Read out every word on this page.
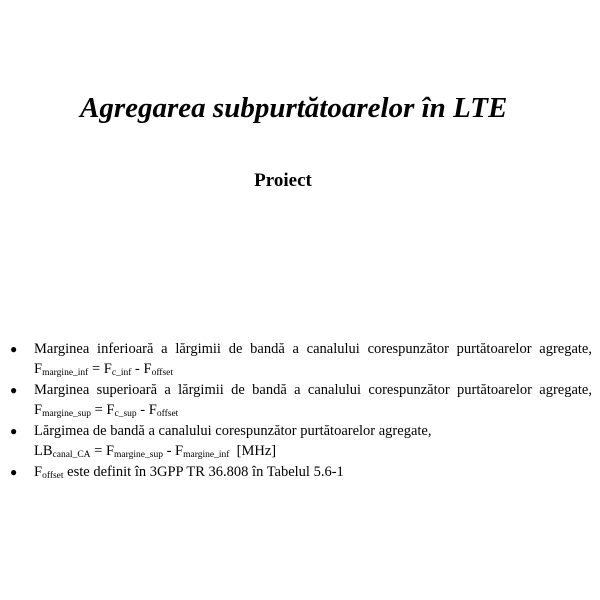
Agregarea subpurtătoarelor în LTE
Proiect
● Marginea inferioară a lărgimii de bandă a canalului corespunzător purtătoarelor agregate,
$F_{margine\_inf} = F_{c\_inf} - F_{offset}$
● Marginea superioară a lărgimii de bandă a canalului corespunzător purtătoarelor agregate,
$F_{margine\_sup} = F_{c\_sup} - F_{offset}$
● Lărgimea de bandă a canalului corespunzător purtătoarelor agregate,
$LB_{canal\_CA} = F_{margine\_sup} - F_{margine\_inf}$  [MHz]
● $F_{offset}$ este definit în 3GPP TR 36.808 în Tabelul 5.6-1
